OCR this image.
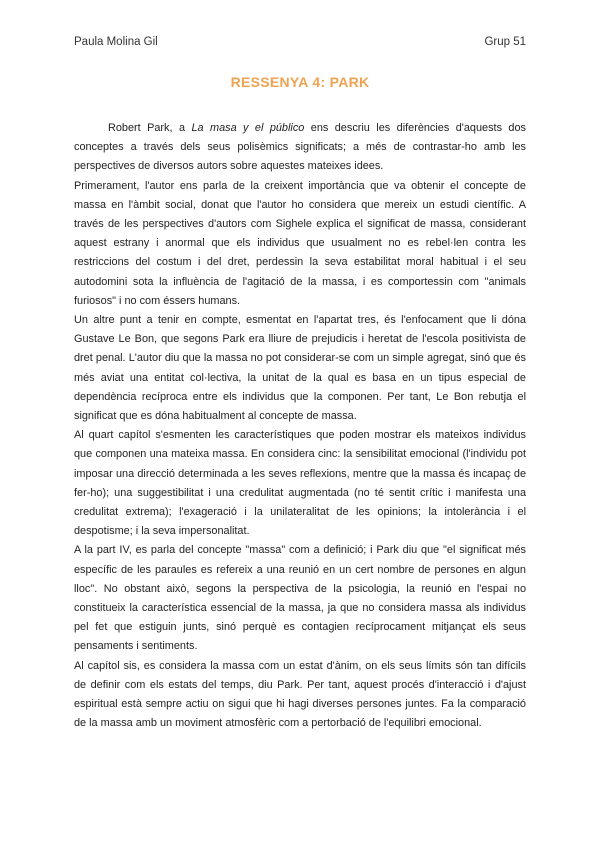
Paula Molina Gil	Grup 51
RESSENYA 4: PARK

Robert Park, a La masa y el público ens descriu les diferències d'aquests dos conceptes a través dels seus polisèmics significats; a més de contrastar-ho amb les perspectives de diversos autors sobre aquestes mateixes idees.

Primerament, l'autor ens parla de la creixent importància que va obtenir el concepte de massa en l'àmbit social, donat que l'autor ho considera que mereix un estudi científic. A través de les perspectives d'autors com Sighele explica el significat de massa, considerant aquest estrany i anormal que els individus que usualment no es rebel·len contra les restriccions del costum i del dret, perdessin la seva estabilitat moral habitual i el seu autodomini sota la influència de l'agitació de la massa, i es comportessin com "animals furiosos" i no com éssers humans.

Un altre punt a tenir en compte, esmentat en l'apartat tres, és l'enfocament que li dóna Gustave Le Bon, que segons Park era lliure de prejudicis i heretat de l'escola positivista de dret penal. L'autor diu que la massa no pot considerar-se com un simple agregat, sinó que és més aviat una entitat col·lectiva, la unitat de la qual es basa en un tipus especial de dependència recíproca entre els individus que la componen. Per tant, Le Bon rebutja el significat que es dóna habitualment al concepte de massa.

Al quart capítol s'esmenten les característiques que poden mostrar els mateixos individus que componen una mateixa massa. En considera cinc: la sensibilitat emocional (l'individu pot imposar una direcció determinada a les seves reflexions, mentre que la massa és incapaç de fer-ho); una suggestibilitat i una credulitat augmentada (no té sentit crític i manifesta una credulitat extrema); l'exageració i la unilateralitat de les opinions; la intolerància i el despotisme; i la seva impersonalitat.

A la part IV, es parla del concepte "massa" com a definició; i Park diu que "el significat més específic de les paraules es refereix a una reunió en un cert nombre de persones en algun lloc". No obstant això, segons la perspectiva de la psicologia, la reunió en l'espai no constitueix la característica essencial de la massa, ja que no considera massa als individus pel fet que estiguin junts, sinó perquè es contagien recíprocament mitjançat els seus pensaments i sentiments.

Al capítol sis, es considera la massa com un estat d'ànim, on els seus límits són tan difícils de definir com els estats del temps, diu Park. Per tant, aquest procés d'interacció i d'ajust espiritual està sempre actiu on sigui que hi hagi diverses persones juntes. Fa la comparació de la massa amb un moviment atmosfèric com a pertorbació de l'equilibri emocional.
